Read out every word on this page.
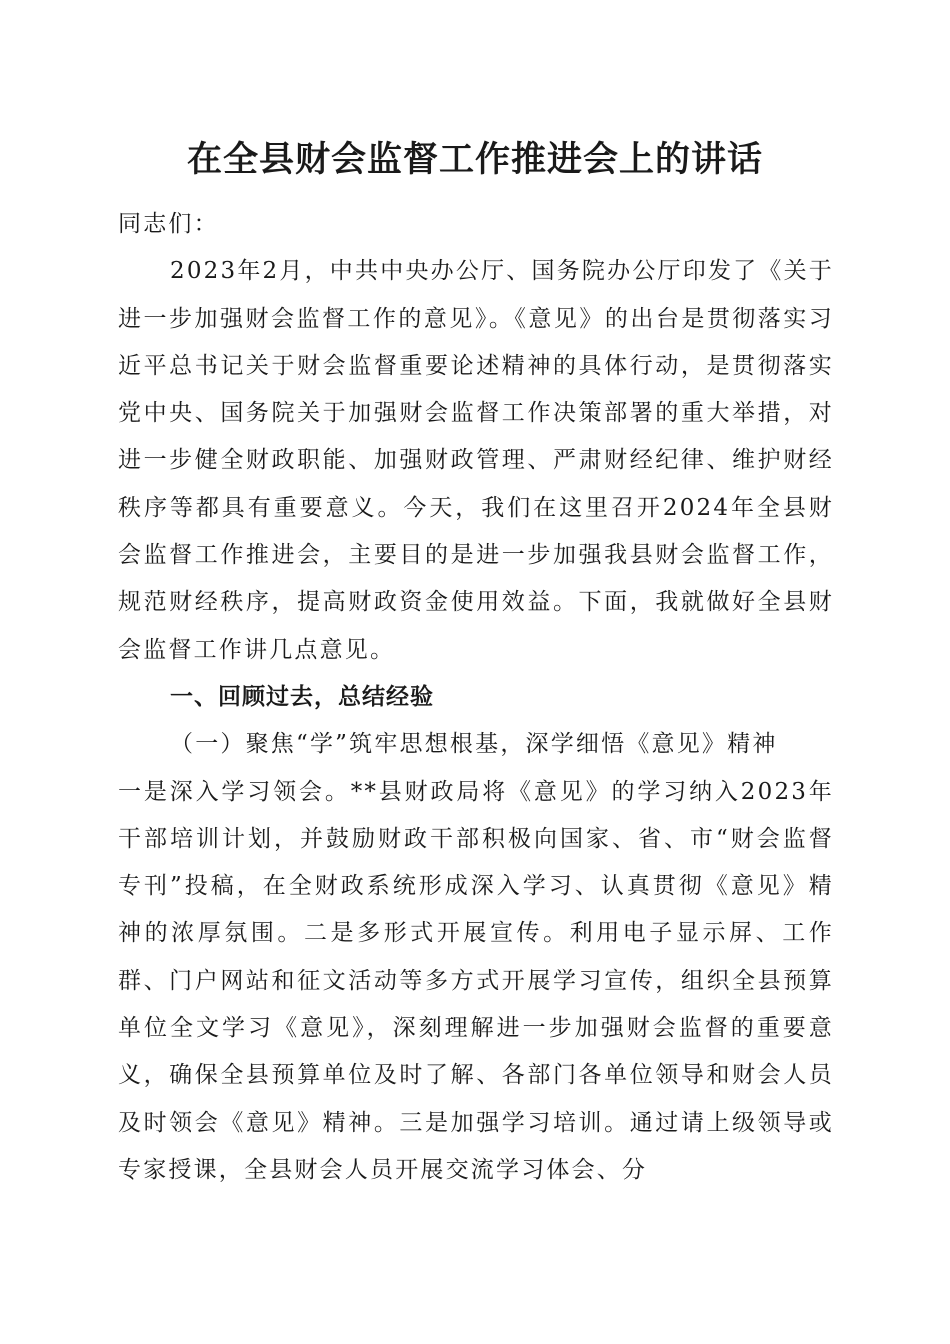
在全县财会监督工作推进会上的讲话

同志们：

2023年2月，中共中央办公厅、国务院办公厅印发了《关于进一步加强财会监督工作的意见》。《意见》的出台是贯彻落实习近平总书记关于财会监督重要论述精神的具体行动，是贯彻落实党中央、国务院关于加强财会监督工作决策部署的重大举措，对进一步健全财政职能、加强财政管理、严肃财经纪律、维护财经秩序等都具有重要意义。今天，我们在这里召开2024年全县财会监督工作推进会，主要目的是进一步加强我县财会监督工作，规范财经秩序，提高财政资金使用效益。下面，我就做好全县财会监督工作讲几点意见。

一、回顾过去，总结经验

（一）聚焦“学”筑牢思想根基，深学细悟《意见》精神

一是深入学习领会。**县财政局将《意见》的学习纳入2023年干部培训计划，并鼓励财政干部积极向国家、省、市“财会监督专刊”投稿，在全财政系统形成深入学习、认真贯彻《意见》精神的浓厚氛围。二是多形式开展宣传。利用电子显示屏、工作群、门户网站和征文活动等多方式开展学习宣传，组织全县预算单位全文学习《意见》，深刻理解进一步加强财会监督的重要意义，确保全县预算单位及时了解、各部门各单位领导和财会人员及时领会《意见》精神。三是加强学习培训。通过请上级领导或专家授课，全县财会人员开展交流学习体会、分
